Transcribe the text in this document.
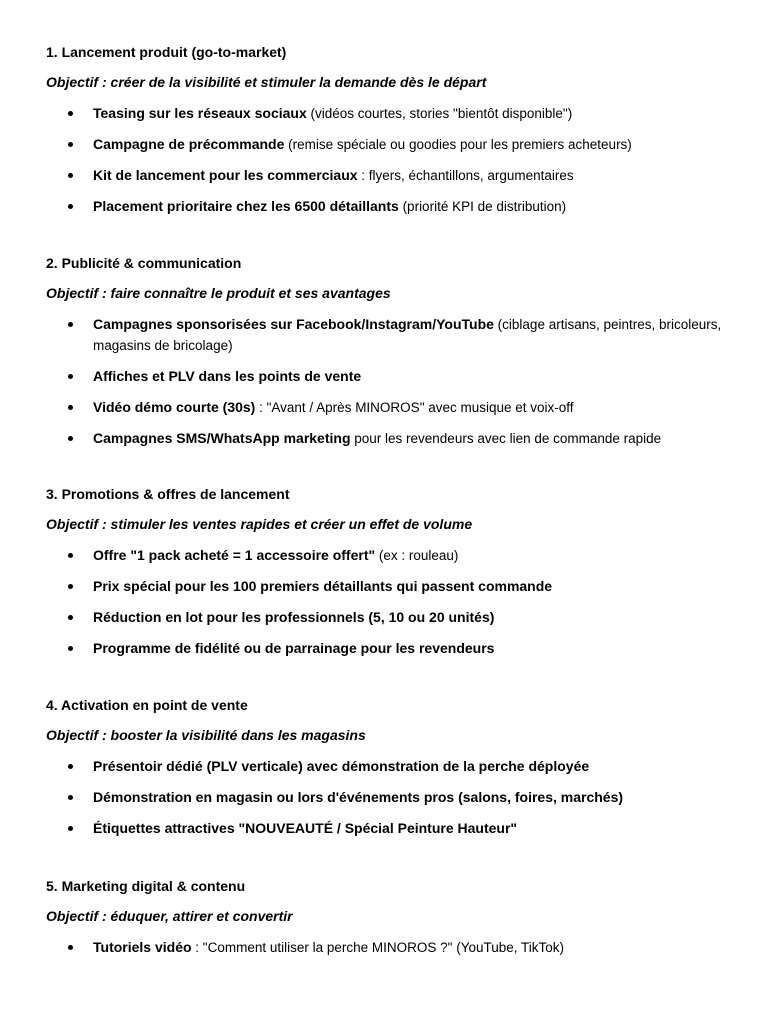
1. Lancement produit (go-to-market)

Objectif : créer de la visibilité et stimuler la demande dès le départ

Teasing sur les réseaux sociaux (vidéos courtes, stories "bientôt disponible")
Campagne de précommande (remise spéciale ou goodies pour les premiers acheteurs)
Kit de lancement pour les commerciaux : flyers, échantillons, argumentaires
Placement prioritaire chez les 6500 détaillants (priorité KPI de distribution)

2. Publicité & communication

Objectif : faire connaître le produit et ses avantages

Campagnes sponsorisées sur Facebook/Instagram/YouTube (ciblage artisans, peintres, bricoleurs, magasins de bricolage)
Affiches et PLV dans les points de vente
Vidéo démo courte (30s) : "Avant / Après MINOROS" avec musique et voix-off
Campagnes SMS/WhatsApp marketing pour les revendeurs avec lien de commande rapide

3. Promotions & offres de lancement

Objectif : stimuler les ventes rapides et créer un effet de volume

Offre "1 pack acheté = 1 accessoire offert" (ex : rouleau)
Prix spécial pour les 100 premiers détaillants qui passent commande
Réduction en lot pour les professionnels (5, 10 ou 20 unités)
Programme de fidélité ou de parrainage pour les revendeurs

4. Activation en point de vente

Objectif : booster la visibilité dans les magasins

Présentoir dédié (PLV verticale) avec démonstration de la perche déployée
Démonstration en magasin ou lors d'événements pros (salons, foires, marchés)
Étiquettes attractives "NOUVEAUTÉ / Spécial Peinture Hauteur"

5. Marketing digital & contenu

Objectif : éduquer, attirer et convertir

Tutoriels vidéo : "Comment utiliser la perche MINOROS ?" (YouTube, TikTok)
